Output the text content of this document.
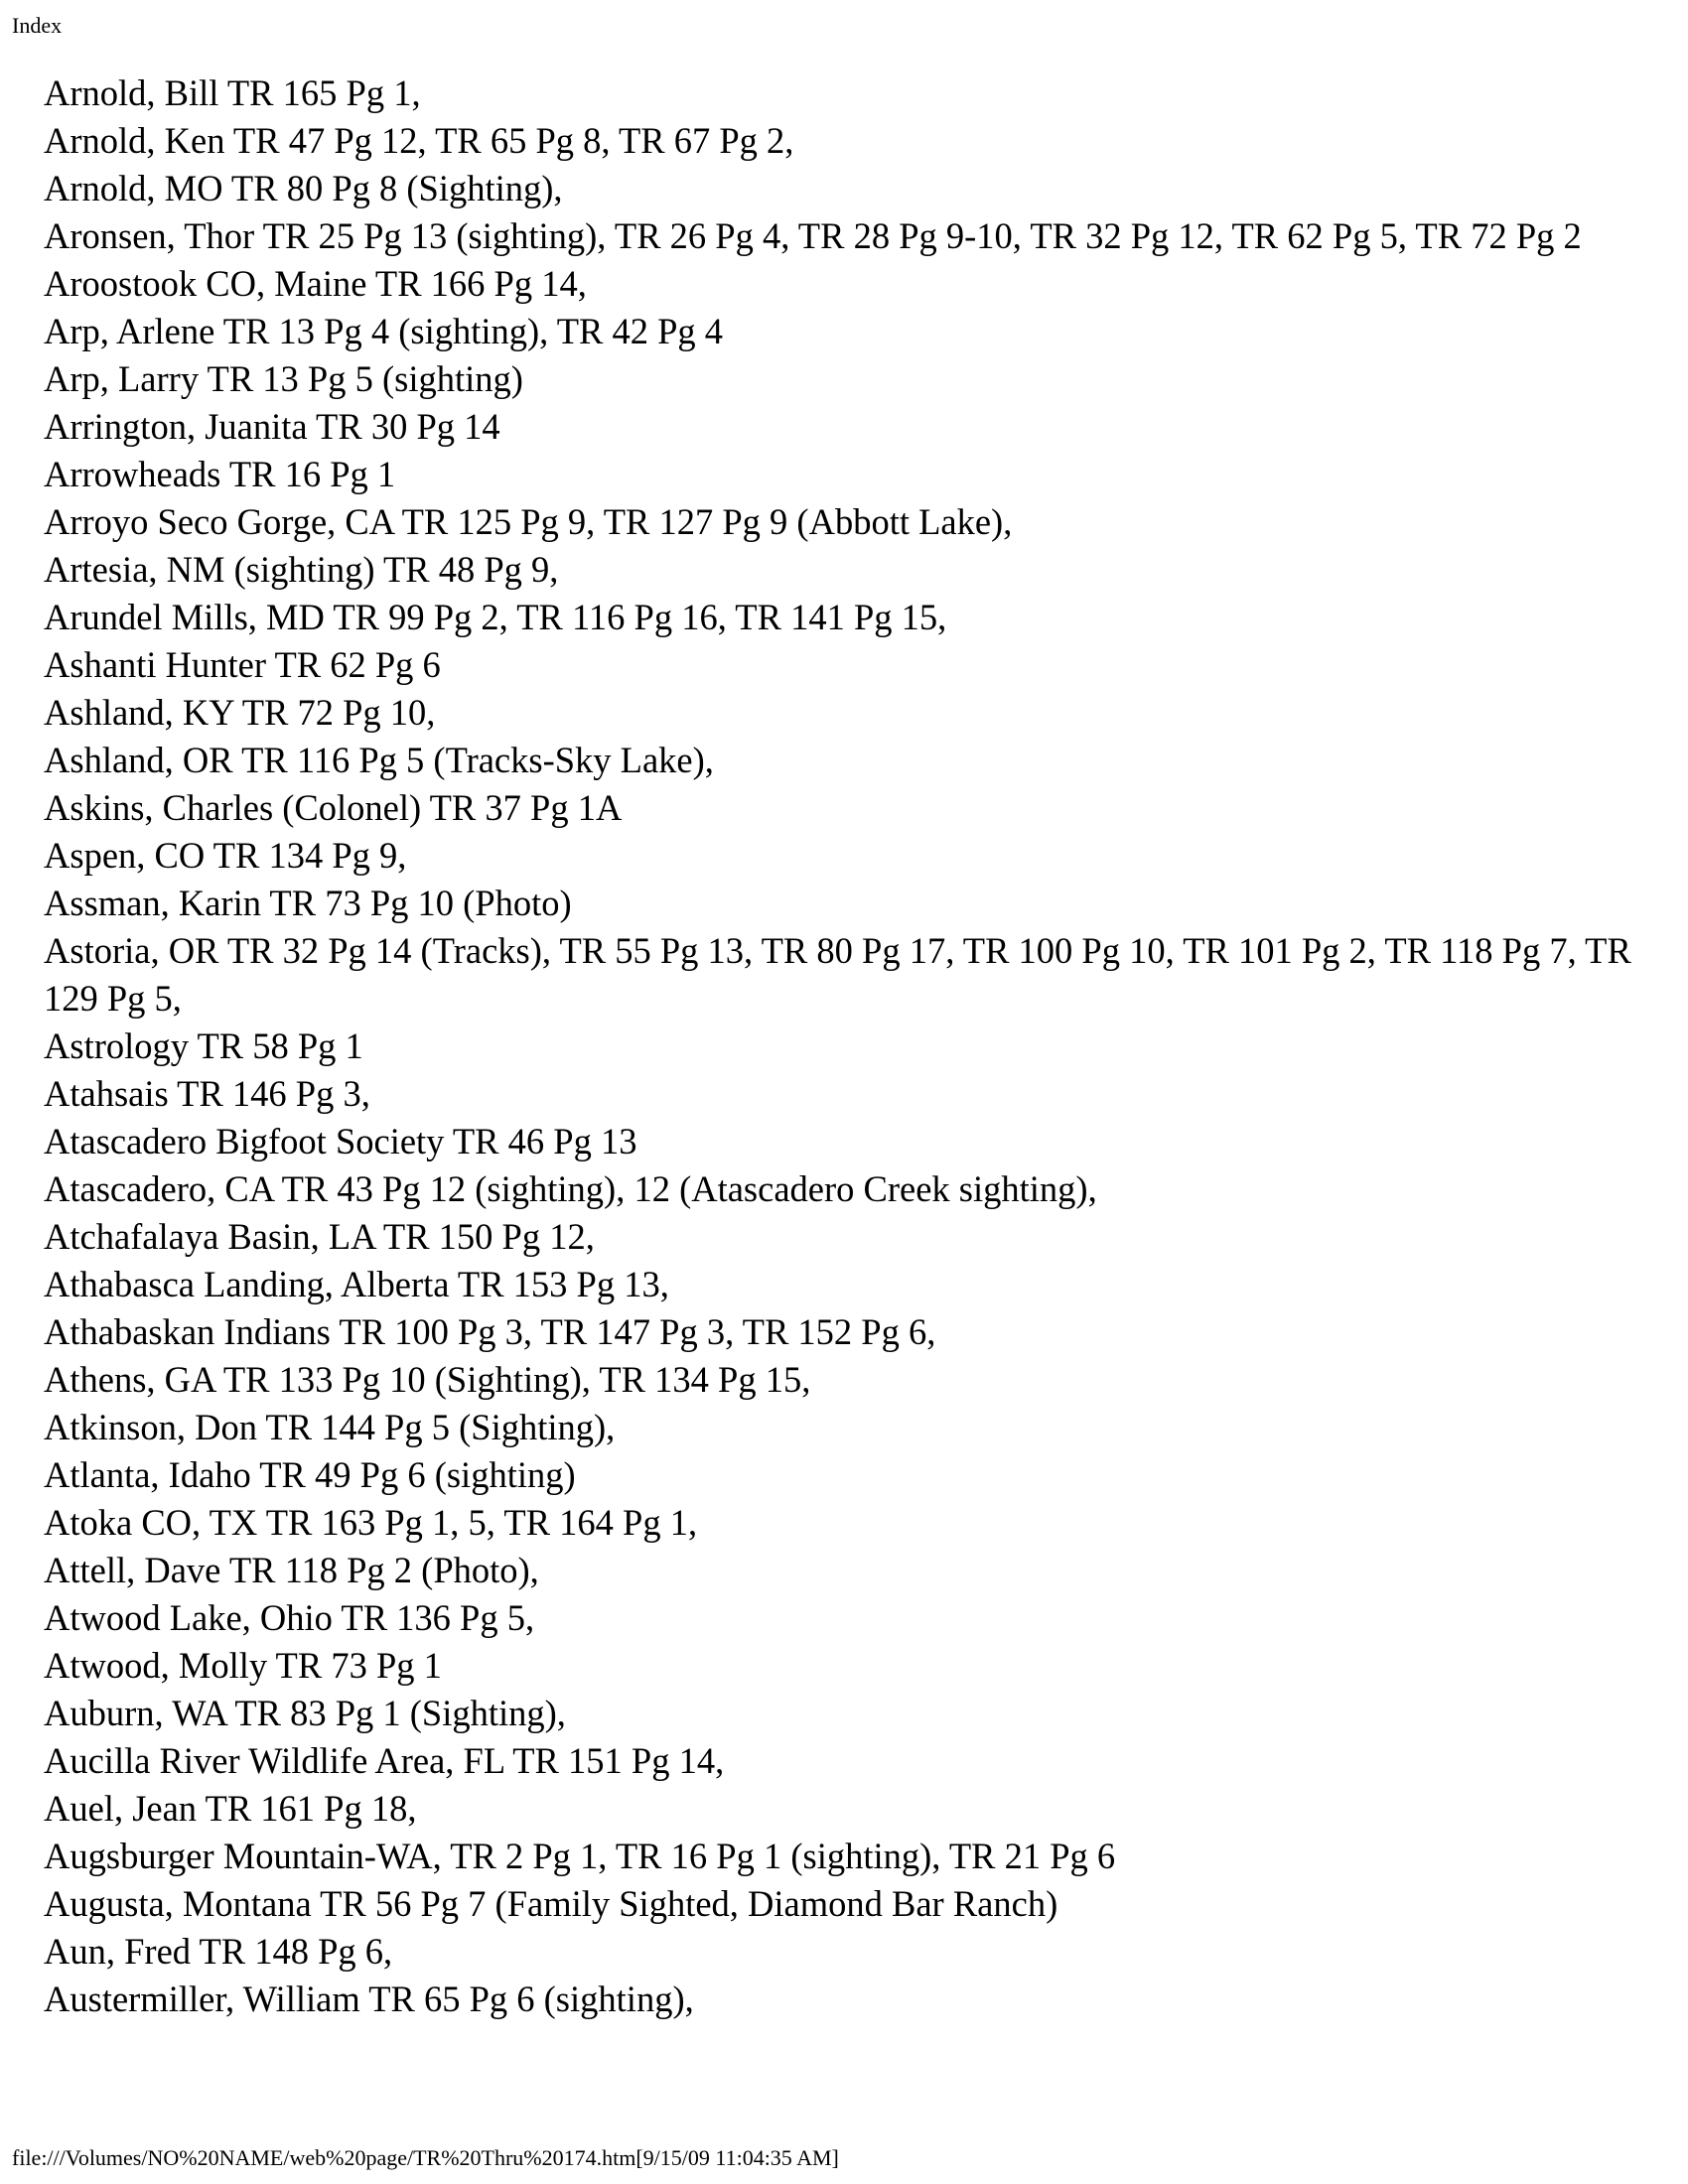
Index
Arnold, Bill TR 165 Pg 1,
Arnold, Ken TR 47 Pg 12, TR 65 Pg 8, TR 67 Pg 2,
Arnold, MO TR 80 Pg 8 (Sighting),
Aronsen, Thor TR 25 Pg 13 (sighting), TR 26 Pg 4, TR 28 Pg 9-10, TR 32 Pg 12, TR 62 Pg 5, TR 72 Pg 2
Aroostook CO, Maine TR 166 Pg 14,
Arp, Arlene TR 13 Pg 4 (sighting), TR 42 Pg 4
Arp, Larry TR 13 Pg 5 (sighting)
Arrington, Juanita TR 30 Pg 14
Arrowheads TR 16 Pg 1
Arroyo Seco Gorge, CA TR 125 Pg 9, TR 127 Pg 9 (Abbott Lake),
Artesia, NM (sighting) TR 48 Pg 9,
Arundel Mills, MD TR 99 Pg 2, TR 116 Pg 16, TR 141 Pg 15,
Ashanti Hunter TR 62 Pg 6
Ashland, KY TR 72 Pg 10,
Ashland, OR TR 116 Pg 5 (Tracks-Sky Lake),
Askins, Charles (Colonel) TR 37 Pg 1A
Aspen, CO TR 134 Pg 9,
Assman, Karin TR 73 Pg 10 (Photo)
Astoria, OR TR 32 Pg 14 (Tracks), TR 55 Pg 13, TR 80 Pg 17, TR 100 Pg 10, TR 101 Pg 2, TR 118 Pg 7, TR 129 Pg 5,
Astrology TR 58 Pg 1
Atahsais TR 146 Pg 3,
Atascadero Bigfoot Society TR 46 Pg 13
Atascadero, CA TR 43 Pg 12 (sighting), 12 (Atascadero Creek sighting),
Atchafalaya Basin, LA TR 150 Pg 12,
Athabasca Landing, Alberta TR 153 Pg 13,
Athabaskan Indians TR 100 Pg 3, TR 147 Pg 3, TR 152 Pg 6,
Athens, GA TR 133 Pg 10 (Sighting), TR 134 Pg 15,
Atkinson, Don TR 144 Pg 5 (Sighting),
Atlanta, Idaho TR 49 Pg 6 (sighting)
Atoka CO, TX TR 163 Pg 1, 5, TR 164 Pg 1,
Attell, Dave TR 118 Pg 2 (Photo),
Atwood Lake, Ohio TR 136 Pg 5,
Atwood, Molly TR 73 Pg 1
Auburn, WA TR 83 Pg 1 (Sighting),
Aucilla River Wildlife Area, FL TR 151 Pg 14,
Auel, Jean TR 161 Pg 18,
Augsburger Mountain-WA, TR 2 Pg 1, TR 16 Pg 1 (sighting), TR 21 Pg 6
Augusta, Montana TR 56 Pg 7 (Family Sighted, Diamond Bar Ranch)
Aun, Fred TR 148 Pg 6,
Austermiller, William TR 65 Pg 6 (sighting),
file:///Volumes/NO%20NAME/web%20page/TR%20Thru%20174.htm[9/15/09 11:04:35 AM]
